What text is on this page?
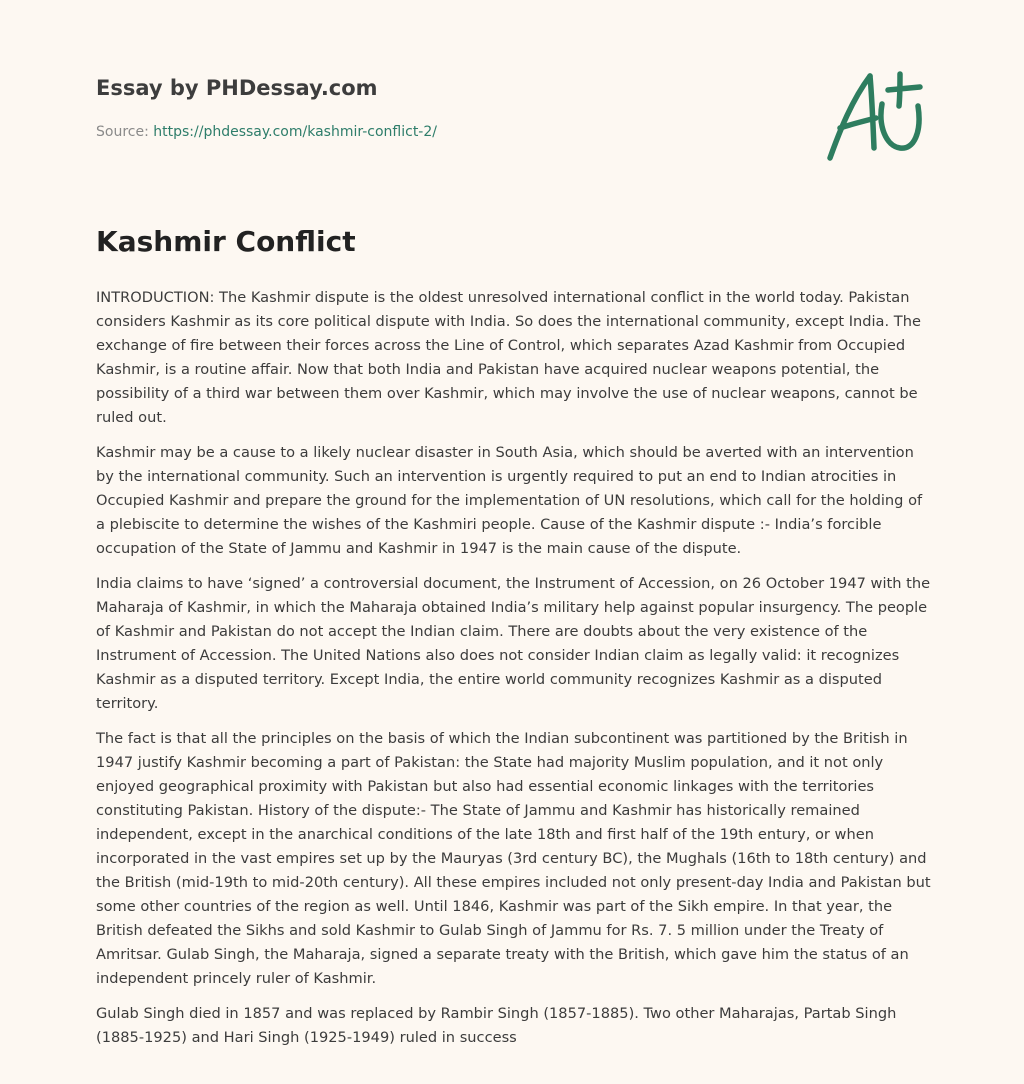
Essay by PHDessay.com
Source: https://phdessay.com/kashmir-conflict-2/
Kashmir Conflict

INTRODUCTION: The Kashmir dispute is the oldest unresolved international conflict in the world today. Pakistan considers Kashmir as its core political dispute with India. So does the international community, except India. The exchange of fire between their forces across the Line of Control, which separates Azad Kashmir from Occupied Kashmir, is a routine affair. Now that both India and Pakistan have acquired nuclear weapons potential, the possibility of a third war between them over Kashmir, which may involve the use of nuclear weapons, cannot be ruled out.

Kashmir may be a cause to a likely nuclear disaster in South Asia, which should be averted with an intervention by the international community. Such an intervention is urgently required to put an end to Indian atrocities in Occupied Kashmir and prepare the ground for the implementation of UN resolutions, which call for the holding of a plebiscite to determine the wishes of the Kashmiri people. Cause of the Kashmir dispute :- India’s forcible occupation of the State of Jammu and Kashmir in 1947 is the main cause of the dispute.

India claims to have ‘signed’ a controversial document, the Instrument of Accession, on 26 October 1947 with the Maharaja of Kashmir, in which the Maharaja obtained India’s military help against popular insurgency. The people of Kashmir and Pakistan do not accept the Indian claim. There are doubts about the very existence of the Instrument of Accession. The United Nations also does not consider Indian claim as legally valid: it recognizes Kashmir as a disputed territory. Except India, the entire world community recognizes Kashmir as a disputed territory.

The fact is that all the principles on the basis of which the Indian subcontinent was partitioned by the British in 1947 justify Kashmir becoming a part of Pakistan: the State had majority Muslim population, and it not only enjoyed geographical proximity with Pakistan but also had essential economic linkages with the territories constituting Pakistan. History of the dispute:- The State of Jammu and Kashmir has historically remained independent, except in the anarchical conditions of the late 18th and first half of the 19th entury, or when incorporated in the vast empires set up by the Mauryas (3rd century BC), the Mughals (16th to 18th century) and the British (mid-19th to mid-20th century). All these empires included not only present-day India and Pakistan but some other countries of the region as well. Until 1846, Kashmir was part of the Sikh empire. In that year, the British defeated the Sikhs and sold Kashmir to Gulab Singh of Jammu for Rs. 7. 5 million under the Treaty of Amritsar. Gulab Singh, the Maharaja, signed a separate treaty with the British, which gave him the status of an independent princely ruler of Kashmir.

Gulab Singh died in 1857 and was replaced by Rambir Singh (1857-1885). Two other Maharajas, Partab Singh (1885-1925) and Hari Singh (1925-1949) ruled in success
